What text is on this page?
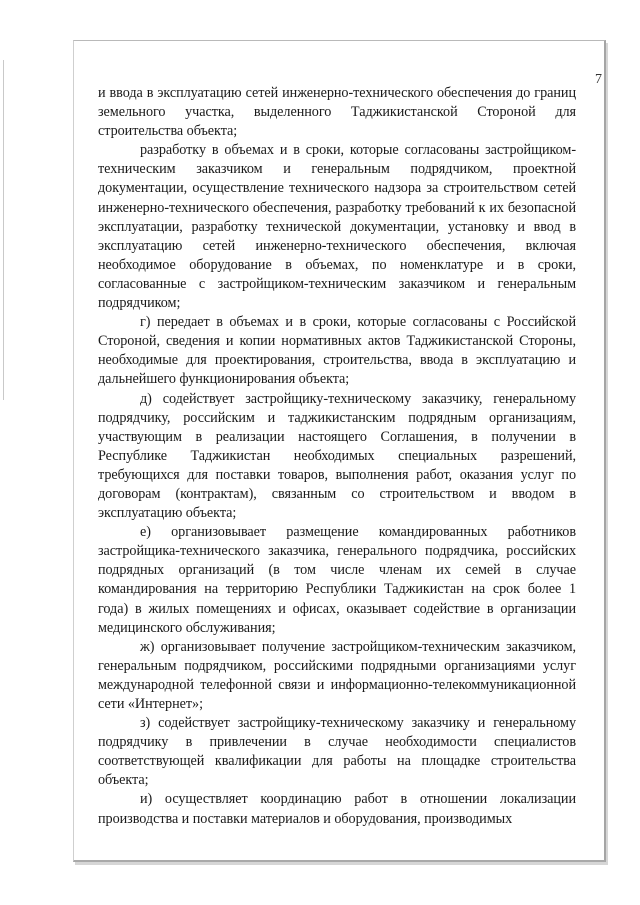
7

и ввода в эксплуатацию сетей инженерно-технического обеспечения до границ земельного участка, выделенного Таджикистанской Стороной для строительства объекта;

разработку в объемах и в сроки, которые согласованы застройщиком-техническим заказчиком и генеральным подрядчиком, проектной документации, осуществление технического надзора за строительством сетей инженерно-технического обеспечения, разработку требований к их безопасной эксплуатации, разработку технической документации, установку и ввод в эксплуатацию сетей инженерно-технического обеспечения, включая необходимое оборудование в объемах, по номенклатуре и в сроки, согласованные с застройщиком-техническим заказчиком и генеральным подрядчиком;

г) передает в объемах и в сроки, которые согласованы с Российской Стороной, сведения и копии нормативных актов Таджикистанской Стороны, необходимые для проектирования, строительства, ввода в эксплуатацию и дальнейшего функционирования объекта;

д) содействует застройщику-техническому заказчику, генеральному подрядчику, российским и таджикистанским подрядным организациям, участвующим в реализации настоящего Соглашения, в получении в Республике Таджикистан необходимых специальных разрешений, требующихся для поставки товаров, выполнения работ, оказания услуг по договорам (контрактам), связанным со строительством и вводом в эксплуатацию объекта;

е) организовывает размещение командированных работников застройщика-технического заказчика, генерального подрядчика, российских подрядных организаций (в том числе членам их семей в случае командирования на территорию Республики Таджикистан на срок более 1 года) в жилых помещениях и офисах, оказывает содействие в организации медицинского обслуживания;

ж) организовывает получение застройщиком-техническим заказчиком, генеральным подрядчиком, российскими подрядными организациями услуг международной телефонной связи и информационно-телекоммуникационной сети «Интернет»;

з) содействует застройщику-техническому заказчику и генеральному подрядчику в привлечении в случае необходимости специалистов соответствующей квалификации для работы на площадке строительства объекта;

и) осуществляет координацию работ в отношении локализации производства и поставки материалов и оборудования, производимых
